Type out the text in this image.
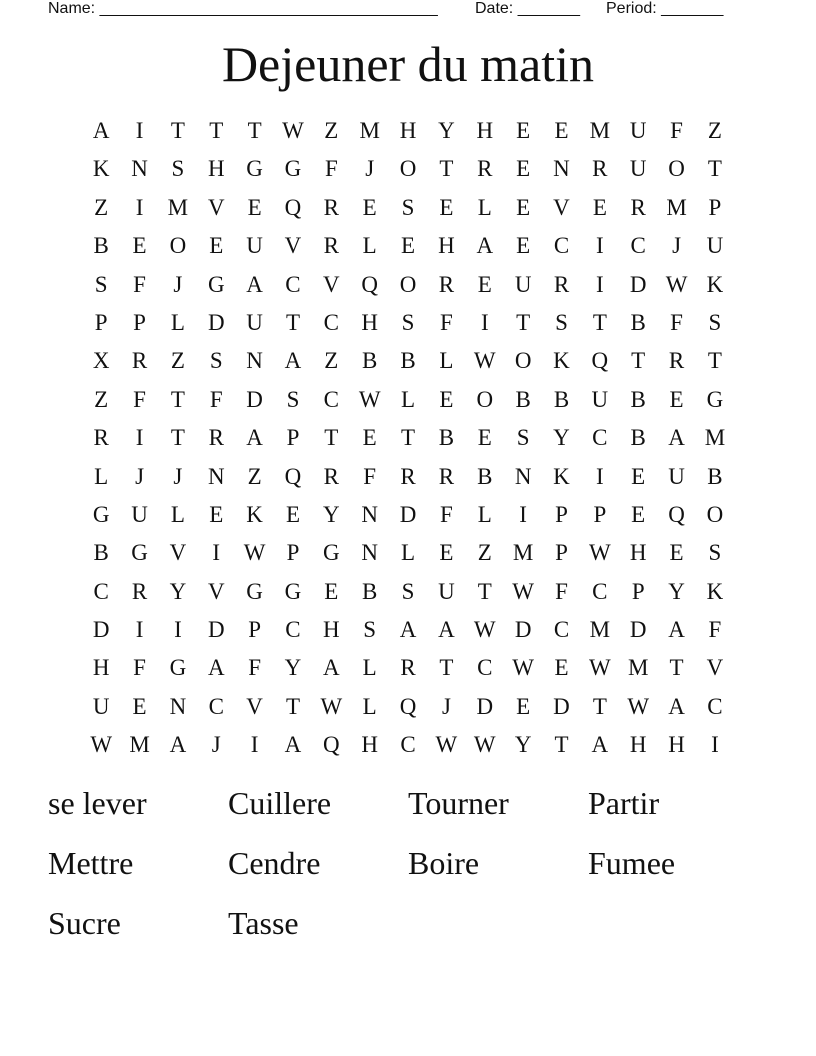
Name: ______________________________________ Date: _______ Period: _______
Dejeuner du matin
A	I	T	T	T W Z M H Y H	E	E M U	F	Z
K N	S	H G G	F	J	O	T	R	E	N R U O	T
Z	I	M V	E	Q R	E	S	E	L	E	V	E	R M P
B	E	O	E	U V R	L	E	H A	E	C	I	C	J	U
S	F	J	G A C V Q O R	E	U R	I	D W K
P	P	L	D U	T	C H	S	F	I	T	S	T	B	F	S
X R	Z	S	N A	Z	B	B	L W O K Q	T	R	T
Z	F	T	F	D	S	C W L	E	O B	B U B	E	G
R	I	T	R A	P	T	E	T	B	E	S	Y C	B A M
L	J	J	N	Z	Q R	F	R	R	B N K	I	E	U B
G U	L	E	K	E	Y N D	F	L	I	P	P	E	Q O
B G V	I	W P	G N	L	E	Z M P W H	E	S
C	R Y V G G	E	B	S	U	T W F	C	P	Y K
D	I	I	D	P	C H	S	A A W D C M D A	F
H	F	G A	F	Y A	L	R	T	C W E W M T	V
U	E	N C V	T W L	Q	J	D	E	D	T W A C
W M A	J	I	A Q H C W W Y	T	A H H	I
se lever	Cuillere	Tourner	Partir
Mettre	Cendre	Boire	Fumee
Sucre	Tasse
